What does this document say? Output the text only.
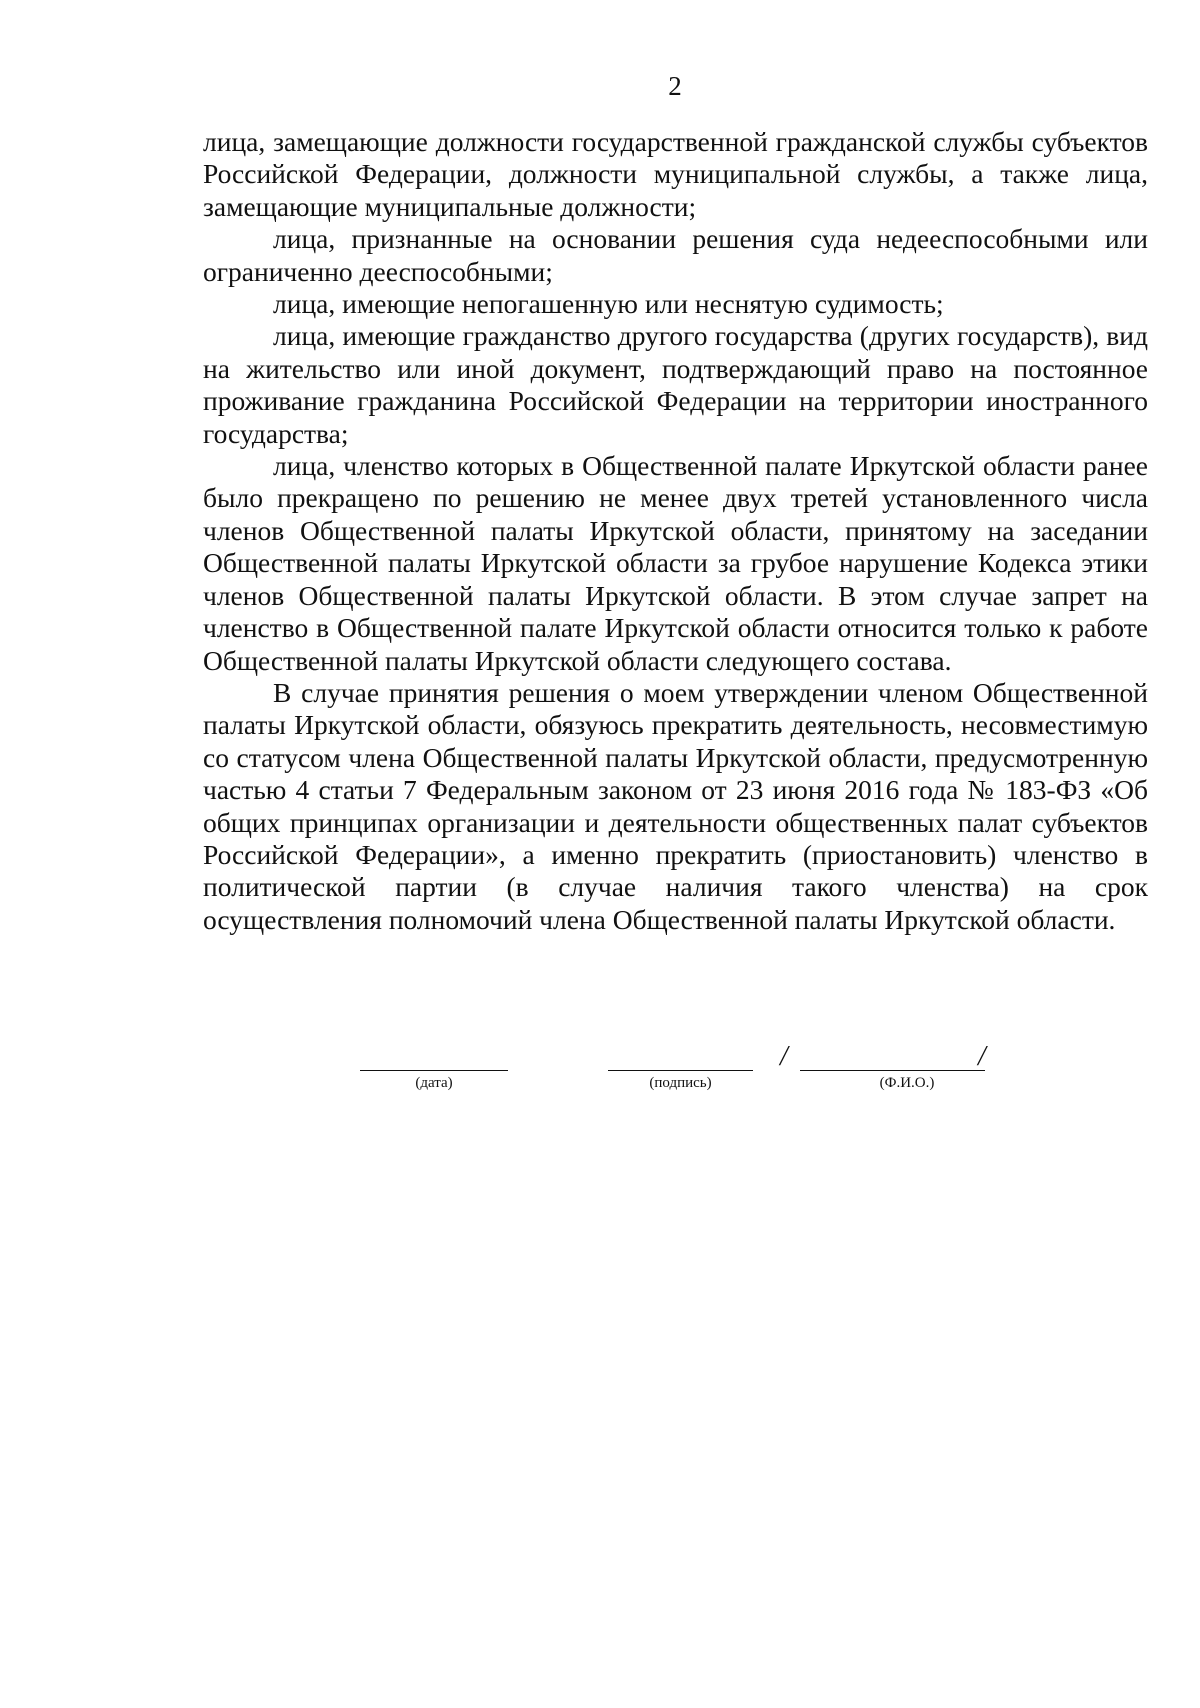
2

лица, замещающие должности государственной гражданской службы субъектов Российской Федерации, должности муниципальной службы, а также лица, замещающие муниципальные должности;

лица, признанные на основании решения суда недееспособными или ограниченно дееспособными;

лица, имеющие непогашенную или неснятую судимость;

лица, имеющие гражданство другого государства (других государств), вид на жительство или иной документ, подтверждающий право на постоянное проживание гражданина Российской Федерации на территории иностранного государства;

лица, членство которых в Общественной палате Иркутской области ранее было прекращено по решению не менее двух третей установленного числа членов Общественной палаты Иркутской области, принятому на заседании Общественной палаты Иркутской области за грубое нарушение Кодекса этики членов Общественной палаты Иркутской области. В этом случае запрет на членство в Общественной палате Иркутской области относится только к работе Общественной палаты Иркутской области следующего состава.

В случае принятия решения о моем утверждении членом Общественной палаты Иркутской области, обязуюсь прекратить деятельность, несовместимую со статусом члена Общественной палаты Иркутской области, предусмотренную частью 4 статьи 7 Федеральным законом от 23 июня 2016 года № 183-ФЗ «Об общих принципах организации и деятельности общественных палат субъектов Российской Федерации», а именно прекратить (приостановить) членство в политической партии (в случае наличия такого членства) на срок осуществления полномочий члена Общественной палаты Иркутской области.

(дата)	(подпись)
/	/
(Ф.И.О.)
